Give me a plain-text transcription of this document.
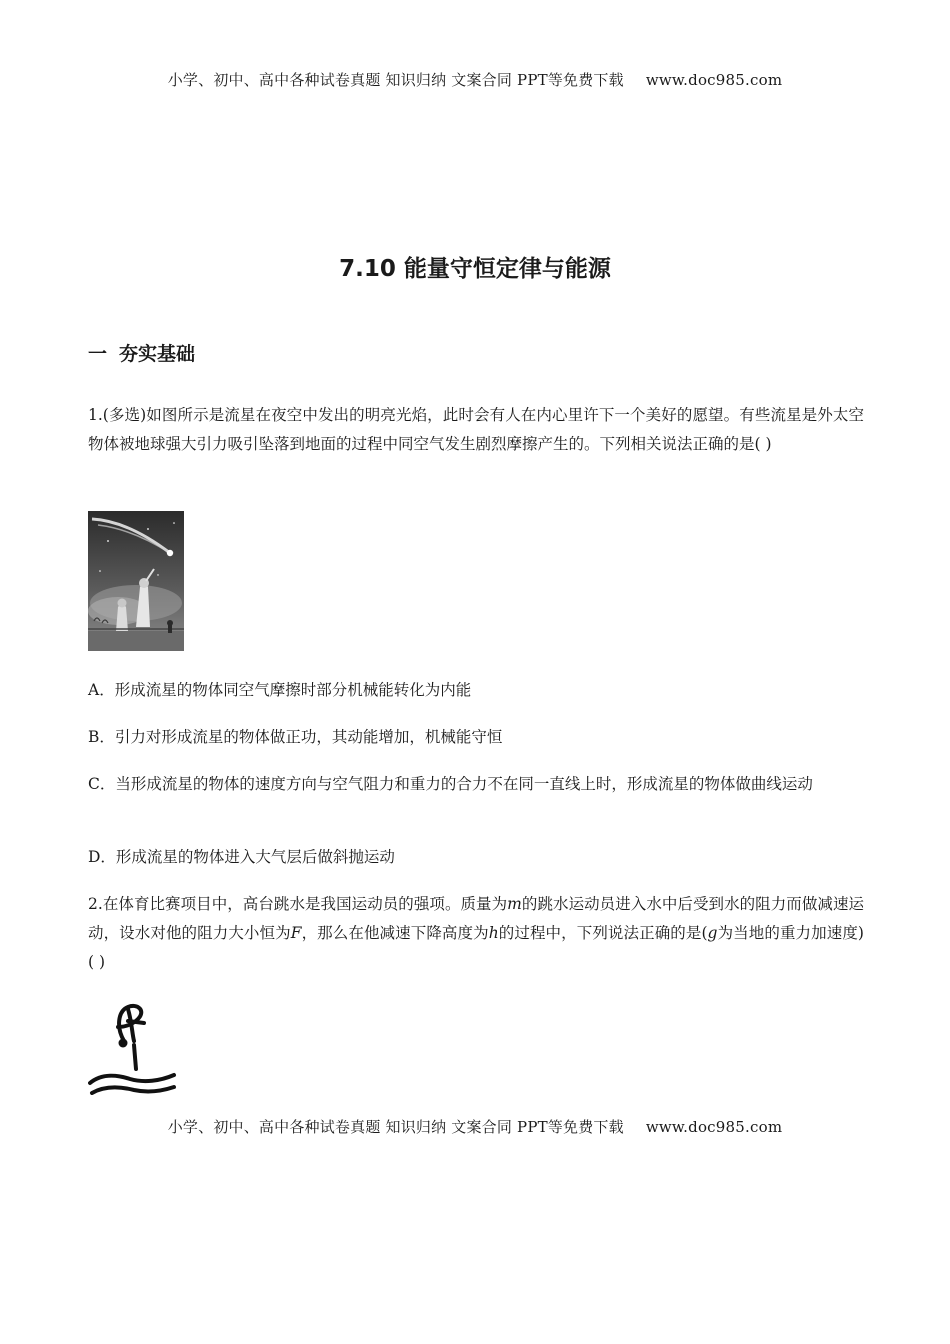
小学、初中、高中各种试卷真题 知识归纳 文案合同 PPT等免费下载 www.doc985.com
7.10 能量守恒定律与能源
一 夯实基础
1.(多选)如图所示是流星在夜空中发出的明亮光焰，此时会有人在内心里许下一个美好的愿望。有些流星是外太空物体被地球强大引力吸引坠落到地面的过程中同空气发生剧烈摩擦产生的。下列相关说法正确的是( )
A．形成流星的物体同空气摩擦时部分机械能转化为内能
B．引力对形成流星的物体做正功，其动能增加，机械能守恒
C．当形成流星的物体的速度方向与空气阻力和重力的合力不在同一直线上时，形成流星的物体做曲线运动
D．形成流星的物体进入大气层后做斜抛运动
2.在体育比赛项目中，高台跳水是我国运动员的强项。质量为m的跳水运动员进入水中后受到水的阻力而做减速运动，设水对他的阻力大小恒为F，那么在他减速下降高度为h的过程中，下列说法正确的是(g为当地的重力加速度)( )
小学、初中、高中各种试卷真题 知识归纳 文案合同 PPT等免费下载 www.doc985.com
